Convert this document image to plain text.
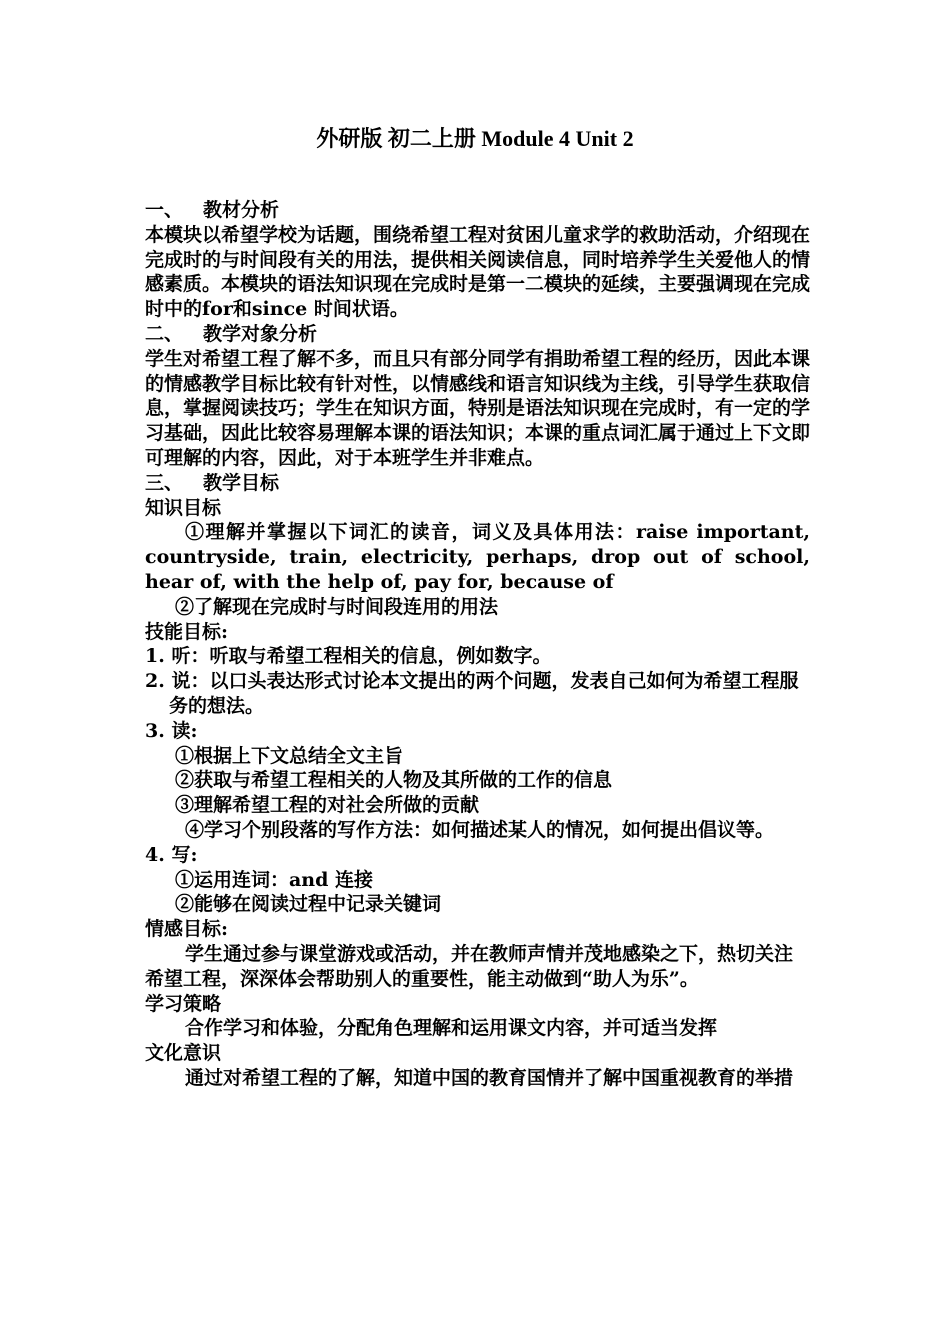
外研版 初二上册 Module 4 Unit 2

一、 教材分析

本模块以希望学校为话题，围绕希望工程对贫困儿童求学的救助活动，介绍现在完成时的与时间段有关的用法，提供相关阅读信息，同时培养学生关爱他人的情感素质。本模块的语法知识现在完成时是第一二模块的延续，主要强调现在完成时中的for和since 时间状语。

二、 教学对象分析

学生对希望工程了解不多，而且只有部分同学有捐助希望工程的经历，因此本课的情感教学目标比较有针对性，以情感线和语言知识线为主线，引导学生获取信息，掌握阅读技巧；学生在知识方面，特别是语法知识现在完成时，有一定的学习基础，因此比较容易理解本课的语法知识；本课的重点词汇属于通过上下文即可理解的内容，因此，对于本班学生并非难点。

三、 教学目标

知识目标

①理解并掌握以下词汇的读音，词义及具体用法：raise important, countryside, train, electricity, perhaps, drop out of school, hear of, with the help of, pay for, because of

②了解现在完成时与时间段连用的用法

技能目标:

1. 听：听取与希望工程相关的信息，例如数字。

2. 说：以口头表达形式讨论本文提出的两个问题，发表自己如何为希望工程服务的想法。

3. 读:

①根据上下文总结全文主旨

②获取与希望工程相关的人物及其所做的工作的信息

③理解希望工程的对社会所做的贡献

④学习个别段落的写作方法：如何描述某人的情况，如何提出倡议等。

4. 写:

①运用连词：and 连接

②能够在阅读过程中记录关键词

情感目标:

学生通过参与课堂游戏或活动，并在教师声情并茂地感染之下，热切关注希望工程，深深体会帮助别人的重要性，能主动做到“助人为乐”。

学习策略

合作学习和体验，分配角色理解和运用课文内容，并可适当发挥

文化意识

通过对希望工程的了解，知道中国的教育国情并了解中国重视教育的举措
